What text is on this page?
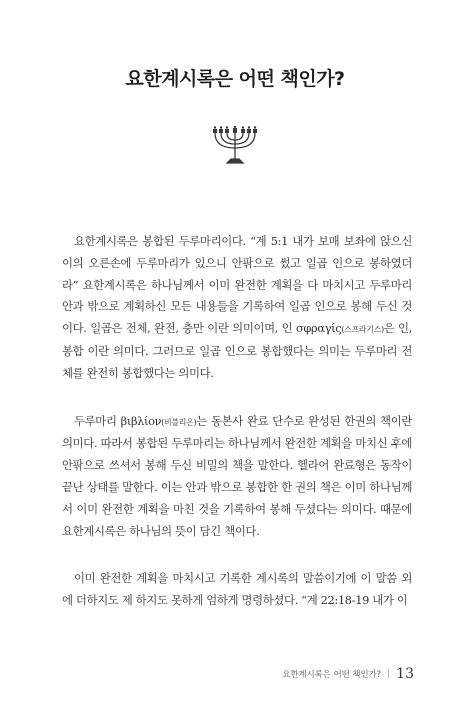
요한계시록은 어떤 책인가?

요한계시록은 봉합된 두루마리이다. “계 5:1 내가 보매 보좌에 앉으신 이의 오른손에 두루마리가 있으니 안팎으로 썼고 일곱 인으로 봉하였더라” 요한계시록은 하나님께서 이미 완전한 계획을 다 마치시고 두루마리 안과 밖으로 계획하신 모든 내용들을 기록하여 일곱 인으로 봉해 두신 것이다. 일곱은 전체, 완전, 충만 이란 의미이며, 인 σφραγίς(스프라기스)은 인, 봉합 이란 의미다. 그러므로 일곱 인으로 봉합했다는 의미는 두루마리 전체를 완전히 봉합했다는 의미다.

두루마리 βιβλίον(비블리온)는 동본사 완료 단수로 완성된 한권의 책이란 의미다. 따라서 봉합된 두루마리는 하나님께서 완전한 계획을 마치신 후에 안팎으로 쓰셔서 봉해 두신 비밀의 책을 말한다. 헬라어 완료형은 동작이 끝난 상태를 말한다. 이는 안과 밖으로 봉합한 한 권의 책은 이미 하나님께서 이미 완전한 계획을 마친 것을 기록하여 봉해 두셨다는 의미다. 때문에 요한계시록은 하나님의 뜻이 담긴 책이다.

이미 완전한 계획을 마치시고 기록한 계시록의 말씀이기에 이 말씀 외에 더하지도 제 하지도 못하게 엄하게 명령하셨다. “계 22:18-19 내가 이

요한계시록은 어떤 책인가? | 13
